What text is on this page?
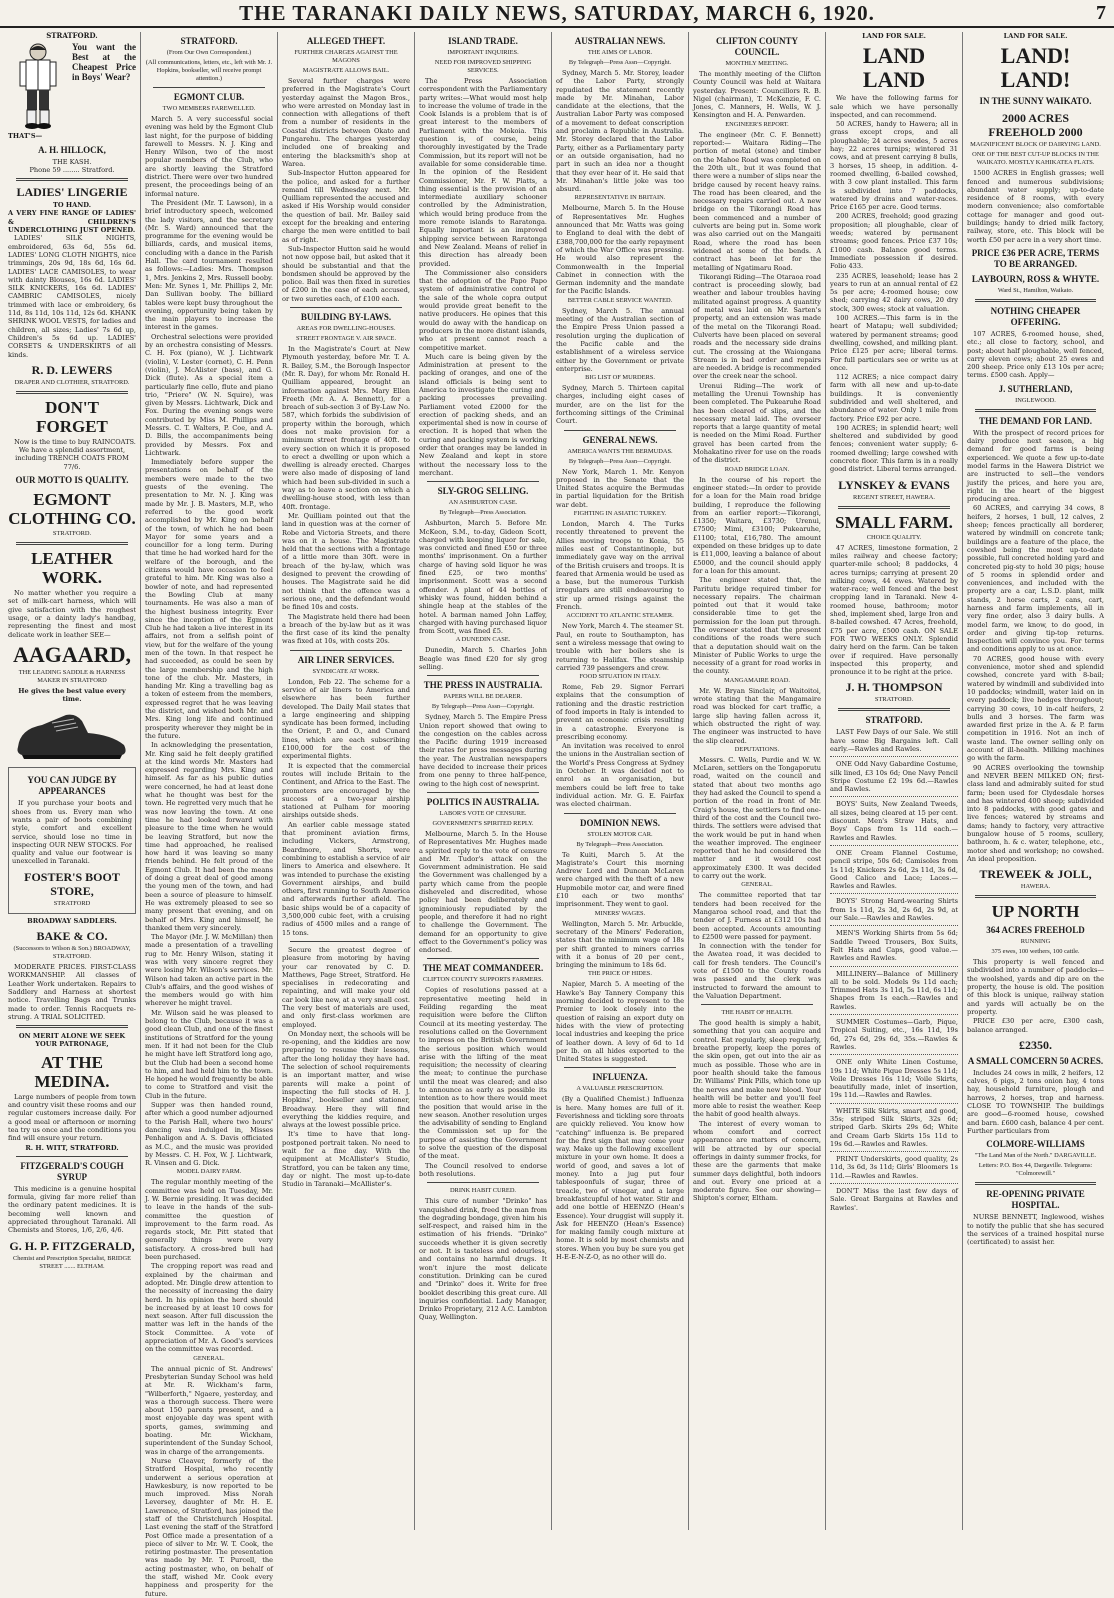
THE TARANAKI DAILY NEWS, SATURDAY, MARCH 6, 1920.	7
STRATFORD.
You want the Best at the Cheapest Price in Boys' Wear?
THAT'S—
A. H. HILLOCK,
THE KASH.
Phone 59 ........ Stratford.
LADIES' LINGERIE
TO HAND.
A VERY FINE RANGE OF LADIES' & CHILDREN'S UNDERCLOTHING JUST OPENED.

LADIES' SILK NIGHTS, embroidered, 63s 6d, 55s 6d. LADIES' LONG CLOTH NIGHTS, nice trimmings, 20s 9d, 18s 6d, 16s 6d. LADIES' LACE CAMISOLES, to wear with dainty Blouses, 16s 6d. LADIES' SILK KNICKERS, 16s 6d. LADIES' CAMBRIC CAMISOLES, nicely trimmed with lace or embroidery, 6s 11d, 8s 11d, 10s 11d, 12s 6d. KHANK SHRINK WOOL VESTS, for ladies and children, all sizes; Ladies' 7s 6d up, Children's 5s 6d up. LADIES' CORSETS & UNDERSKIRTS of all kinds.

R. D. LEWERS
DRAPER AND CLOTHIER, STRATFORD.
DON'T FORGET

Now is the time to buy RAINCOATS. We have a splendid assortment, including TRENCH COATS FROM 77/6.

OUR MOTTO IS QUALITY.
EGMONT CLOTHING CO.
STRATFORD.
LEATHER WORK.

No matter whether you require a set of milk-cart harness, which will give satisfaction with the roughest usage, or a dainty lady's handbag, representing the finest and most delicate work in leather SEE—

AAGAARD,
THE LEADING SADDLE & HARNESS MAKER IN STRATFORD
He gives the best value every time.
YOU CAN JUDGE BY APPEARANCES

If you purchase your boots and shoes from us. Every man who wants a pair of boots combining style, comfort and excellent service, should lose no time in inspecting OUR NEW STOCKS. For quality and value our footwear is unexcelled in Taranaki.

FOSTER'S BOOT STORE,
STRATFORD
BROADWAY SADDLERS.
BAKE & CO.
(Successors to Wilson & Son.) BROADWAY, STRATFORD.

MODERATE PRICES. FIRST-CLASS WORKMANSHIP. All classes of Leather Work undertaken. Repairs to Saddlery and Harness at shortest notice. Travelling Bags and Trunks made to order. Tennis Racquets re-strung. A TRIAL SOLICITED.

ON MERIT ALONE WE SEEK YOUR PATRONAGE,
AT THE MEDINA.

Large numbers of people from town and country visit these rooms and our regular customers increase daily. For a good meal or afternoon or morning tea try us once and the conditions you find will ensure your return.

R. H. WITT, STRATFORD.
FITZGERALD'S COUGH SYRUP

This medicine is a genuine hospital formula, giving far more relief than the ordinary patent medicines. It is becoming well known and appreciated throughout Taranaki. All Chemists and Stores, 1/6, 2/6, 4/6.

G. H. P. FITZGERALD,
Chemist and Prescription Specialist, BRIDGE STREET ....... ELTHAM.
STRATFORD.
(From Our Own Correspondent.)
(All communications, letters, etc., left with Mr. J. Hopkins, bookseller, will receive prompt attention.)
EGMONT CLUB.
TWO MEMBERS FAREWELLED.

March 5. A very successful social evening was held by the Egmont Club last night, for the purpose of bidding farewell to Messrs. N. J. King and Henry Wilson, two of the most popular members of the Club, who are shortly leaving the Stratford district. There were over two hundred present, the proceedings being of an informal nature.

The President (Mr. T. Lawson), in a brief introductory speech, welcomed the lady visitors, and the secretary (Mr. S. Ward) announced that the programme for the evening would be billiards, cards, and musical items, concluding with a dance in the Parish Hall. The card tournament resulted as follows:—Ladies: Mrs. Thompson 1, Mrs. Jenkins 2, Mrs. Russell booby. Men: Mr. Synes 1, Mr. Phillips 2, Mr. Dan Sullivan booby. The billiard tables were kept busy throughout the evening, opportunity being taken by the main players to increase the interest in the games.

Orchestral selections were provided by an orchestra consisting of Messrs. C. H. Fox (piano), W. J. Lichtwark (violin), V. Lester (cornet), C. H. Penn (violin), J. McAlister (bass), and G. Dick (flute). As a special item a particularly fine cello, flute and piano trio, "Priere" (W. N. Squire), was given by Messrs. Lichtwark, Dick and Fox. During the evening songs were contributed by Miss M. Phillips and Messrs. C. T. Walters, P. Coe, and A. D. Bills, the accompaniments being provided by Messrs. Fox and Lichtwark.

Immediately before supper the presentations on behalf of the members were made to the two guests of the evening. The presentation to Mr. N. J. King was made by Mr. J. B. Masters, M.P., who referred to the good work accomplished by Mr. King on behalf of the town, of which he had been Mayor for some years and a councillor for a long term. During that time he had worked hard for the welfare of the borough, and the citizens would have occasion to feel grateful to him. Mr. King was also a bowler of note, and had represented the Bowling Club at many tournaments. He was also a man of the highest business integrity. Ever since the inception of the Egmont Club he had taken a live interest in its affairs, not from a selfish point of view, but for the welfare of the young men of the town. In that respect he had succeeded, as could be seen by the large membership and the high tone of the club. Mr. Masters, in handing Mr. King a travelling bag as a token of esteem from the members, expressed regret that he was leaving the district, and wished both Mr. and Mrs. King long life and continued prosperity wherever they might be in the future.

In acknowledging the presentation, Mr. King said he felt deeply gratified at the kind words Mr. Masters had expressed regarding Mrs. King and himself. As far as his public duties were concerned, he had at least done what he thought was best for the town. He regretted very much that he was now leaving the town. At one time he had looked forward with pleasure to the time when he would be leaving Stratford, but now the time had approached, he realised how hard it was leaving so many friends behind. He felt proud of the Egmont Club. It had been the means of doing a great deal of good among the young men of the town, and had been a source of pleasure to himself. He was extremely pleased to see so many present that evening, and on behalf of Mrs. King and himself, he thanked them very sincerely.

The Mayor (Mr. J. W. McMillan) then made a presentation of a travelling rug to Mr. Henry Wilson, stating it was with very sincere regret they were losing Mr. Wilson's services. Mr. Wilson had taken an active part in the Club's affairs, and the good wishes of the members would go with him wherever he might travel.

Mr. Wilson said he was pleased to belong to the Club, because it was a good clean Club, and one of the finest institutions of Stratford for the young men. If it had not been for the Club he might have left Stratford long ago, but the Club had been a second home to him, and had held him to the town. He hoped he would frequently be able to come to Stratford and visit the Club in the future.

Supper was then handed round, after which a good number adjourned to the Parish Hall, where two hours' dancing was indulged in, Misses Penhaligon and A. S. Davis officiated as M.C., and the music was provided by Messrs. C. H. Fox, W. J. Lichtwark, R. Vinsen and G. Dick.

MODEL DAIRY FARM.

The regular monthly meeting of the committee was held on Tuesday, Mr. J. W. Bernie presiding. It was decided to leave in the hands of the sub-committee the question of improvement to the farm road. As regards stock, Mr. Pitt stated that generally things were very satisfactory. A cross-bred bull had been purchased.

The cropping report was read and explained by the chairman and adopted. Mr. Dingle drew attention to the necessity of increasing the dairy herd. In his opinion the herd should be increased by at least 10 cows for next season. After full discussion the matter was left in the hands of the Stock Committee. A vote of appreciation of Mr. A. Good's services on the committee was recorded.

GENERAL.

The annual picnic of St. Andrews' Presbyterian Sunday School was held at Mr. R. Wickham's farm, "Wilberforth," Ngaere, yesterday, and was a thorough success. There were about 150 parents present, and a most enjoyable day was spent with sports, games, swimming and boating. Mr. Wickham, superintendent of the Sunday School, was in charge of the arrangements.

Nurse Cleaver, formerly of the Stratford Hospital, who recently underwent a serious operation at Hawkesbury, is now reported to be much improved. Miss Norah Leversey, daughter of Mr. H. E. Lawrence, of Stratford, has joined the staff of the Christchurch Hospital. Last evening the staff of the Stratford Post Office made a presentation of a piece of silver to Mr. W. T. Cook, the retiring postmaster. The presentation was made by Mr. T. Purcell, the acting postmaster, who, on behalf of the staff, wished Mr. Cook every happiness and prosperity for the future.

ALLEGED THEFT.
FURTHER CHARGES AGAINST THE MAGONS
MAGISTRATE ALLOWS BAIL.

Several further charges were preferred in the Magistrate's Court yesterday against the Magon Bros., who were arrested on Monday last in connection with allegations of theft from a number of residents in the Coastal districts between Okato and Pungarehu. The charges yesterday included one of breaking and entering the blacksmith's shop at Warea.

Sub-Inspector Hutton appeared for the police, and asked for a further remand till Wednesday next. Mr. Quilliam represented the accused and asked if His Worship would consider the question of bail. Mr. Bailey said except for the breaking and entering charge the men were entitled to bail as of right.

Sub-Inspector Hutton said he would not now oppose bail, but asked that it should be substantial and that the bondsmen should be approved by the police. Bail was then fixed in sureties of £200 in the case of each accused, or two sureties each, of £100 each.

BUILDING BY-LAWS.
AREAS FOR DWELLING-HOUSES.
STREET FRONTAGE V. AIR SPACE.

In the Magistrate's Court at New Plymouth yesterday, before Mr. T. A. R. Bailey, S.M., the Borough Inspector (Mr. R. Day), for whom Mr. Ronald H. Quilliam appeared, brought an information against Mrs. Mary Ellen Freeth (Mr. A. A. Bennett), for a breach of sub-section 3 of By-Law No. 587, which forbids the subdivision of property within the borough, which does not make provision for a minimum street frontage of 40ft. to every section on which it is proposed to erect a dwelling or upon which a dwelling is already erected. Charges were also made of disposing of land which had been sub-divided in such a way as to leave a section on which a dwelling-house stood, with less than 40ft. frontage.

Mr. Quilliam pointed out that the land in question was at the corner of Robe and Victoria Streets, and there was on it a house. The Magistrate held that the sections with a frontage of a little more than 30ft. were in breach of the by-law, which was designed to prevent the crowding of houses. The Magistrate said he did not think that the offence was a serious one, and the defendant would be fined 10s and costs.

The Magistrate held there had been a breach of the by-law but as it was the first case of its kind the penalty was fixed at 10s, with costs 20s.

AIR LINER SERVICES.
SYNDICATE AT WORK.

London, Feb 22. The scheme for a service of air liners to America and elsewhere has been further developed. The Daily Mail states that a large engineering and shipping syndicate has been formed, including the Orient, P. and O., and Cunard lines, which are each subscribing £100,000 for the cost of the experimental flights.

It is expected that the commercial routes will include Britain to the Continent, and Africa to the East. The promoters are encouraged by the success of a two-year airship stationed at Pulham for mooring airships outside sheds.

An earlier cable message stated that prominent aviation firms, including Vickers, Armstrong, Beardmore, and Shorts, were combining to establish a service of air liners to America and elsewhere. It was intended to purchase the existing Government airships, and build others, first running to South America and afterwards further afield. The basic ships would be of a capacity of 3,500,000 cubic feet, with a cruising radius of 4500 miles and a range of 15 tons.

Secure the greatest degree of pleasure from motoring by having your car renovated by C. D. Matthews, Page Street, Stratford. He specialises in redecorating and repainting, and will make your old car look like new, at a very small cost. The very best of materials are used, and only first-class workmen are employed.

On Monday next, the schools will be re-opening, and the kiddies are now preparing to resume their lessons, after the long holiday they have had. The selection of school requirements is an important matter, and wise parents will make a point of inspecting the full stocks of H. J. Hopkins', bookseller and stationer, Broadway. Here they will find everything the kiddies require, and always at the lowest possible price.

It's time to have that long-postponed portrait taken. No need to wait for a fine day. With the equipment at McAllister's Studio, Stratford, you can be taken any time, day or night. The most up-to-date Studio in Taranaki—McAllister's.

ISLAND TRADE.
IMPORTANT INQUIRIES.
NEED FOR IMPROVED SHIPPING SERVICES.

The Press Association correspondent with the Parliamentary party writes:—What would most help to increase the volume of trade in the Cook Islands is a problem that is of great interest to the members of Parliament with the Mokoia. This question is, of course, being thoroughly investigated by the Trade Commission, but its report will not be available for some considerable time. In the opinion of the Resident Commissioner, Mr. F. W. Platts, a thing essential is the provision of an intermediate auxiliary schooner controlled by the Administration, which would bring produce from the more remote islands to Raratonga. Equally important is an improved shipping service between Raratonga and New Zealand. Means of relief in this direction has already been provided.

The Commissioner also considers that the adoption of the Papo Papo system of administrative control of the sale of the whole copra output would provide great benefit to the native producers. He opines that this would do away with the handicap on producers in the more distant islands, who at present cannot reach a competitive market.

Much care is being given by the Administration at present to the packing of oranges, and one of the island officials is being sent to America to investigate the curing and packing processes prevailing. Parliament voted £2000 for the erection of packing sheds, and an experimental shed is now in course of erection. It is hoped that when the curing and packing system is working order that oranges may be landed in New Zealand and kept in store without the necessary loss to the merchant.

SLY-GROG SELLING.
AN ASHBURTON CASE.
By Telegraph—Press Association.

Ashburton, March 5. Before Mr. McKeon, S.M., to-day, Gideon Scott, charged with keeping liquor for sale, was convicted and fined £50 or three months' imprisonment. On a further charge of having sold liquor he was fined £25, or two months' imprisonment. Scott was a second offender. A plant of 44 bottles of whisky was found, hidden behind a shingle heap at the stables of the hotel. A barman named John Laffey, charged with having purchased liquor from Scott, was fined £5.

A DUNEDIN CASE.

Dunedin, March 5. Charles John Beagle was fined £20 for sly grog selling.

THE PRESS IN AUSTRALIA.
PAPERS WILL BE DEARER.
By Telegraph—Press Assn—Copyright.

Sydney, March 5. The Empire Press Union report showed that owing to the congestion on the cables across the Pacific during 1919 increased their rates for press messages during the year. The Australian newspapers have decided to increase their prices from one penny to three half-pence, owing to the high cost of newsprint.

POLITICS IN AUSTRALIA.
LABOR'S VOTE OF CENSURE.
GOVERNMENT'S SPIRITED REPLY.

Melbourne, March 5. In the House of Representatives Mr. Hughes made a spirited reply to the vote of censure and Mr. Tudor's attack on the Government administration. He said the Government was challenged by a party which came from the people disheveled and discredited, whose policy had been deliberately and ignominiously repudiated by the people, and therefore it had no right to challenge the Government. The demand for an opportunity to give effect to the Government's policy was endorsed.

THE MEAT COMMANDEER.
CLIFTON COUNTY SUPPORTS FARMERS.

Copies of resolutions passed at a representative meeting held in Feilding regarding the meat requisition were before the Clifton Council at its meeting yesterday. The resolutions called on the Government to impress on the British Government the serious position which would arise with the lifting of the meat requisition; the necessity of clearing the meat; to continue the purchase until the meat was cleared; and also to announce as early as possible its intention as to how there would meet the position that would arise in the new season. Another resolution urges the advisability of sending to England the Commission set up for the purpose of assisting the Government to solve the question of the disposal of the meat.

The Council resolved to endorse both resolutions.

DRINK HABIT CURED.

This cure of number "Drinko" has vanquished drink, freed the man from the degrading bondage, given him his self-respect, and raised him in the estimation of his friends. "Drinko" succeeds whether it is given secretly or not. It is tasteless and odourless, and contains no harmful drugs. It won't injure the most delicate constitution. Drinking can be cured and "Drinko" does it. Write for free booklet describing this great cure. All inquiries confidential. Lady Manager, Drinko Proprietary, 212 A.C. Lambton Quay, Wellington.

AUSTRALIAN NEWS.
THE AIMS OF LABOR.
By Telegraph—Press Assn—Copyright.

Sydney, March 5. Mr. Storey, leader of the Labor Party, strongly repudiated the statement recently made by Mr. Minahan, Labor candidate at the elections, that the Australian Labor Party was composed of a movement to defeat conscription and proclaim a Republic in Australia. Mr. Storey declared that the Labor Party, either as a Parliamentary party or an outside organisation, had no part in such an idea nor a thought that they ever hear of it. He said that Mr. Minahan's little joke was too absurd.

REPRESENTATIVE IN BRITAIN.

Melbourne, March 5. In the House of Representatives Mr. Hughes announced that Mr. Watts was going to England to deal with the debt of £388,700,000 for the early repayment of which the War Office was pressing. He would also represent the Commonwealth in the Imperial Cabinet in connection with the German indemnity and the mandate for the Pacific Islands.

BETTER CABLE SERVICE WANTED.

Sydney, March 5. The annual meeting of the Australian section of the Empire Press Union passed a resolution urging the duplication of the Pacific cable and the establishment of a wireless service either by the Government or private enterprise.

BIG LIST OF MURDERS.

Sydney, March 5. Thirteen capital charges, including eight cases of murder, are on the list for the forthcoming sittings of the Criminal Court.

GENERAL NEWS.
AMERICA WANTS THE BERMUDAS.
By Telegraph—Press Assn—Copyright.

New York, March 1. Mr. Kenyon proposed in the Senate that the United States acquire the Bermudas in partial liquidation for the British war debt.

FIGHTING IN ASIATIC TURKEY.

London, March 4. The Turks recently threatened to prevent the Allies moving troops to Konia, 55 miles east of Constantinople, but immediately gave way on the arrival of the British cruisers and troops. It is feared that Armenia would be used as a base, but the numerous Turkish irregulars are still endeavouring to stir up armed risings against the French.

ACCIDENT TO ATLANTIC STEAMER.

New York, March 4. The steamer St. Paul, en route to Southampton, has sent a wireless message that owing to trouble with her boilers she is returning to Halifax. The steamship carried 739 passengers and crew.

FOOD SITUATION IN ITALY.

Rome, Feb 29. Signor Ferrari explains that the consumption of rationing and the drastic restriction of food imports in Italy is intended to prevent an economic crisis resulting in a catastrophe. Everyone is prescribing economy.

An invitation was received to enrol the unions in the Australian section of the World's Press Congress at Sydney in October. It was decided not to enrol as an organisation, but members could be left free to take individual action. Mr. G. E. Fairfax was elected chairman.

DOMINION NEWS.
STOLEN MOTOR CAR.
By Telegraph—Press Association.

Te Kuiti, March 5. At the Magistrate's Court this morning Andrew Lord and Duncan McLaren were charged with the theft of a new Hupmobile motor car, and were fined £10 each or two months' imprisonment. They went to gaol.

MINERS' WAGES.

Wellington, March 5. Mr. Arbuckle, secretary of the Miners' Federation, states that the minimum wage of 18s per shift granted to miners carries with it a bonus of 20 per cent., bringing the minimum to 18s 6d.

THE PRICE OF HIDES.

Napier, March 5. A meeting of the Hawke's Bay Tannery Company this morning decided to represent to the Premier to look closely into the question of raising an export duty on hides with the view of protecting local industries and keeping the price of leather down. A levy of 6d to 1d per lb. on all hides exported to the United States is suggested.

INFLUENZA.
A VALUABLE PRESCRIPTION.

(By a Qualified Chemist.) Influenza is here. Many homes are full of it. Feverishness and tickling sore throats are quickly relieved. You know how "catching" influenza is. Be prepared for the first sign that may come your way. Make up the following excellent mixture in your own home. It does a world of good, and saves a lot of money. Into a jug put four tablespoonfuls of sugar, three of treacle, two of vinegar, and a large breakfastcupful of hot water. Stir and add one bottle of HEENZO (Hean's Essence). Your druggist will supply it. Ask for HEENZO (Hean's Essence) for making family cough mixture at home. It is sold by most chemists and stores. When you buy be sure you get H-E-E-N-Z-O, as no other will do.

CLIFTON COUNTY COUNCIL.
MONTHLY MEETING.

The monthly meeting of the Clifton County Council was held at Waitara yesterday. Present: Councillors R. B. Nigel (chairman), T. McKenzie, F. C. Jones, C. Manners, H. Wells, W. J. Kensington and H. A. Penwarden.

ENGINEER'S REPORT.

The engineer (Mr. C. F. Bennett) reported:— Waitara Riding—The portion of metal (stone) and timber on the Mahoe Road was completed on the 20th ult., but it was found that there were a number of slips near the bridge caused by recent heavy rains. The road has been cleared, and the necessary repairs carried out. A new bridge on the Tikorangi Road has been commenced and a number of culverts are being put in. Some work was also carried out on the Mangaiti Road, where the road has been widened at some of the bends. A contract has been let for the metalling of Ngatimaru Road.

Tikorangi Riding—The Otaraoa road contract is proceeding slowly, bad weather and labour troubles having militated against progress. A quantity of metal was laid on Mr. Sarten's property, and an extension was made of the metal on the Tikorangi Road. Culverts have been placed on several roads and the necessary side drains cut. The crossing at the Waiongana Stream is in bad order and repairs are needed. A bridge is recommended over the creek near the school.

Urenui Riding—The work of metalling the Urenui Township has been completed. The Pukearuhe Road has been cleared of slips, and the necessary metal laid. The overseer reports that a large quantity of metal is needed on the Mimi Road. Further gravel has been carted from the Mohakatino river for use on the roads of the district.

ROAD BRIDGE LOAN.

In the course of his report the engineer stated:—In order to provide for a loan for the Main road bridge building, I reproduce the following from an earlier report:—Tikorangi, £1350; Waitara, £3730; Urenui, £7500; Mimi, £3100; Pukearuhe, £1100; total, £16,780. The amount expended on these bridges up to date is £11,000, leaving a balance of about £5000, and the council should apply for a loan for this amount.

The engineer stated that, the Paritutu bridge required timber for necessary repairs. The chairman pointed out that it would take considerable time to get the permission for the loan put through. The overseer stated that the present conditions of the roads were such that a deputation should wait on the Minister of Public Works to urge the necessity of a grant for road works in the county.

MANGAMAIRE ROAD.

Mr. W. Bryan Sinclair, of Waitoitoi, wrote stating that the Mangamaire road was blocked for cart traffic, a large slip having fallen across it, which obstructed the right of way. The engineer was instructed to have the slip cleared.

DEPUTATIONS.

Messrs. C. Wells, Purdie and W. W. McLaren, settlers on the Tongaporutu road, waited on the council and stated that about two months ago they had asked the Council to spend a portion of the road in front of Mr. Craig's house, the settlers to find one-third of the cost and the Council two-thirds. The settlers were advised that the work would be put in hand when the weather improved. The engineer reported that he had considered the matter and it would cost approximately £300. It was decided to carry out the work.

GENERAL.

The committee reported that tar tenders had been received for the Mangaroa school road, and that the tender of J. Furness at £312 10s had been accepted. Accounts amounting to £2500 were passed for payment.

In connection with the tender for the Awatea road, it was decided to call for fresh tenders. The Council's vote of £1500 to the County roads was passed and the clerk was instructed to forward the amount to the Valuation Department.

THE HABIT OF HEALTH.

The good health is simply a habit, something that you can acquire and control. Eat regularly, sleep regularly, breathe properly, keep the pores of the skin open, get out into the air as much as possible. Those who are in poor health should take the famous Dr. Williams' Pink Pills, which tone up the nerves and make new blood. Your health will be better and you'll feel more able to resist the weather. Keep the habit of good health always.

The interest of every woman to whom comfort and correct appearance are matters of concern, will be attracted by our special offerings in dainty summer frocks, for these are the garments that make summer days delightful, both indoors and out. Every one priced at a moderate figure. See our showing—Shipton's corner, Eltham.

LAND FOR SALE.
LAND LAND

We have the following farms for sale which we have personally inspected, and can recommend.

50 ACRES, handy to Hawera; all in grass except crops, and all ploughable; 24 acres swedes, 5 acres hay; 22 acres turnips; wintered 31 cows, and at present carrying 8 bulls, 3 horses, 15 sheep, in addition. 4-roomed dwelling, 6-bailed cowshed, with 3 cow plant installed. This farm is subdivided into 7 paddocks, watered by drains and water-races. Price £165 per acre. Good terms.

200 ACRES, freehold; good grazing proposition; all ploughable, clear of weeds; watered by permanent streams; good fences. Price £37 10s; £1000 cash. Balance good terms. Immediate possession if desired. Folio 433.

235 ACRES, leasehold; lease has 2 years to run at an annual rental of £2 5s per acre; 4-roomed house; cow shed; carrying 42 dairy cows, 20 dry stock, 300 ewes; stock at valuation.

100 ACRES.—This farm is in the heart of Matapu; well subdivided; watered by permanent streams; good dwelling, cowshed, and milking plant. Price £125 per acre; liberal terms. For full particulars see or write us at once.

112 ACRES; a nice compact dairy farm with all new and up-to-date buildings. It is conveniently subdivided and well sheltered, and abundance of water. Only 1 mile from factory. Price £92 per acre.

190 ACRES; in splendid heart; well sheltered and subdivided by good fences; convenient water supply; 6-roomed dwelling; large cowshed with concrete floor. This farm is in a really good district. Liberal terms arranged.

LYNSKEY & EVANS
REGENT STREET, HAWERA.
SMALL FARM.
CHOICE QUALITY.

47 ACRES, limestone formation, 2 miles railway and cheese factory; quarter-mile school; 8 paddocks, 4 acres turnips; carrying at present 20 milking cows, 44 ewes. Watered by water-race; well fenced and the best cropping land in Taranaki. New 4-roomed house, bathroom; motor shed, implement shed, large Iron and 8-bailed cowshed. 47 Acres, freehold, £75 per acre, £500 cash. ON SALE FOR TWO WEEKS ONLY. Splendid dairy herd on the farm. Can be taken over if required. Have personally inspected this property, and pronounce it to be right at the price.

J. H. THOMPSON
STRATFORD.
STRATFORD.

LAST Few Days of our Sale. We still have some Big Bargains left. Call early.—Rawles and Rawles.

ONE Odd Navy Gabardine Costume, silk lined, £3 10s 6d; One Navy Pencil Stripe Costume £2 19s 6d.—Rawles and Rawles.

BOYS' Suits, New Zealand Tweeds, all sizes, being cleared at 15 per cent. discount. Men's Straw Hats, and Boys' Caps from 1s 11d each.—Rawles and Rawles.

ONE Cream Flannel Costume, pencil stripe, 50s 6d; Camisoles from 1s 11d; Knickers 2s 6d, 2s 11d, 3s 6d, Good Calico and Lace; Laces.—Rawles and Rawles.

BOYS' Strong Hard-wearing Shirts from 1s 11d, 2s 3d, 2s 6d, 2s 9d, at our Sale.—Rawles and Rawles.

MEN'S Working Shirts from 5s 6d; Saddle Tweed Trousers, Box Suits, Felt Hats and Caps, good value.—Rawles and Rawles.

MILLINERY—Balance of Millinery all to be sold. Models 9s 11d each; Trimmed Hats 3s 11d, 5s 11d, 6s 11d; Shapes from 1s each.—Rawles and Rawles.

SUMMER Costumes—Garb, Pique, Tropical Suiting, etc., 16s 11d, 19s 6d, 27s 6d, 29s 6d, 35s.—Rawles & Rawles.

ONE only White Linen Costume, 19s 11d; White Pique Dresses 5s 11d; Voile Dresses 16s 11d; Voile Skirts, beautifully made, inlet of insertion, 19s 11d.—Rawles and Rawles.

WHITE Silk Skirts, smart and good, 35s; striped Silk Skirts, 32s 6d; striped Garb. Skirts 29s 6d; White and Cream Garb Skirts 15s 11d to 19s 6d.—Rawles and Rawles.

PRINT Underskirts, good quality, 2s 11d, 3s 6d, 3s 11d; Girls' Bloomers 1s 11d.—Rawles and Rawles.

DON'T Miss the last few days of Sale. Great Bargains at Rawles and Rawles'.

LAND FOR SALE.
LAND! LAND!
IN THE SUNNY WAIKATO.
2000 ACRES FREEHOLD 2000
MAGNIFICENT BLOCK OF DAIRYING LAND.
ONE OF THE BEST CUT-UP BLOCKS IN THE WAIKATO. MOSTLY KAHIKATEA FLATS.

1500 ACRES in English grasses; well fenced and numerous subdivisions; abundant water supply; up-to-date residence of 8 rooms, with every modern convenience; also comfortable cottage for manager and good out-buildings; handy to dried milk factory, railway, store, etc. This block will be worth £50 per acre in a very short time.

PRICE £36 PER ACRE, TERMS TO BE ARRANGED.
LAYBOURN, ROSS & WHYTE.
Ward St., Hamilton, Waikato.
NOTHING CHEAPER OFFERING.

107 ACRES, 6-roomed house, shed, etc.; all close to factory, school, and post; about half ploughable, well fenced, carry eleven cows; about 25 ewes and 200 sheep. Price only £13 10s per acre; terms. £500 cash. Apply—

J. SUTHERLAND,
INGLEWOOD.
THE DEMAND FOR LAND.

With the prospect of record prices for dairy produce next season, a big demand for good farms is being experienced. We quote a few up-to-date model farms in the Hawera District we are instructed to sell—the vendors justify the prices, and here you are, right in the heart of the biggest producing area.

60 ACRES, and carrying 34 cows, 8 heifers, 2 horses, 1 bull, 12 calves, 2 sheep; fences practically all borderer, watered by windmill on concrete tank; buildings are a feature of the place, the cowshed being the most up-to-date possible, full concreted holding yard and concreted pig-sty to hold 30 pigs; house of 5 rooms in splendid order and conveniences, and included with the property are a car, L.S.D. plant, milk stands, 2 horse carts, 2 cans, cart, harness and farm implements, all in very fine order, also 3 dairy bulls. A model farm, we know, to do good, in order and giving tip-top returns. Inspection will convince you. For terms and conditions apply to us at once.

70 ACRES, good house with every convenience, motor shed and splendid cowshed, concrete yard with 8-bail; watered by windmill and subdivided into 10 paddocks; windmill, water laid on in every paddock; live hedges throughout; carrying 30 cows, 10 in-calf heifers, 2 bulls and 3 horses. The farm was awarded first prize in the A. & P. farm competition in 1916. Not an inch of waste land. The owner selling only on account of ill-health. Milking machines go with the farm.

90 ACRES overlooking the township and NEVER BEEN MILKED ON; first-class land and admirably suited for stud farm; been used for Clydesdale horses and has wintered 400 sheep; subdivided into 8 paddocks, with good gates and live fences; watered by streams and dams; handy to factory, very attractive bungalow house of 5 rooms, scullery, bathroom, h. & c. water, telephone, etc., motor shed and workshop; no cowshed. An ideal proposition.

TREWEEK & JOLL,
HAWERA.
UP NORTH
364 ACRES FREEHOLD
RUNNING
375 ewes, 100 wethers, 100 cattle.

This property is well fenced and subdivided into a number of paddocks—the woolshed, yards and dip are on the property, the house is old. The position of this block is unique, railway station and yards will actually be on the property.

PRICE £30 per acre, £300 cash, balance arranged.

£2350.
A SMALL COMCERN 50 ACRES.

Includes 24 cows in milk, 2 heifers, 12 calves, 6 pigs, 2 tons onion hay, 4 tons hay, household furniture, plough and harrows, 2 horses, trap and harness. CLOSE TO TOWNSHIP. The buildings are good—6-roomed house, cowshed and barn. £600 cash, balance 4 per cent. Further particulars from

COLMORE-WILLIAMS
"The Land Man of the North." DARGAVILLE.
Letters: P.O. Box 44, Dargaville. Telegrams: "Colmorewill."
RE-OPENING PRIVATE HOSPITAL.

NURSE BENNETT, Inglewood, wishes to notify the public that she has secured the services of a trained hospital nurse (certificated) to assist her.
